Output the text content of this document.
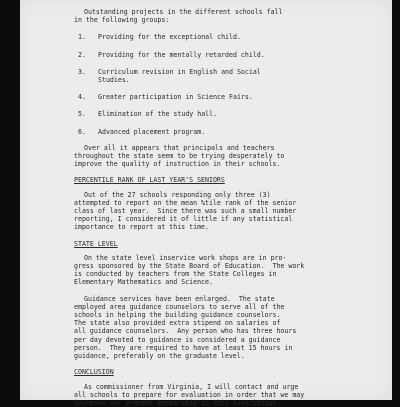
Outstanding projects in the different schools fall

in the following groups:

1. Providing for the exceptional child.
2. Providing for the mentally retarded child.
3. Curriculum revision in English and Social
Studies.
4. Greater participation in Science Fairs.
5. Elimination of the study hall.
6. Advanced placement program.

Over all it appears that principals and teachers

throughout the state seem to be trying desperately to

improve the quality of instruction in their schools.

PERCENTILE RANK OF LAST YEAR'S SENIORS

Out of the 27 schools responding only three (3)

attempted to report on the mean %tile rank of the senior

class of last year.  Since there was such a small number

reporting, I considered it of little if any statistical

importance to report at this time.

STATE LEVEL

On the state level inservice work shops are in pro-

gress sponsored by the State Board of Education.  The work

is conducted by teachers from the State Colleges in

Elementary Mathematics and Science.

Guidance services have been enlarged.  The state

employed area guidance counselors to serve all of the

schools in helping the building guidance counselors.

The state also provided extra stipend on salaries of

all guidance counselors.  Any person who has three hours

per day devoted to guidance is considered a guidance

person.  They are required to have at least 15 hours in

guidance, preferably on the graduate level.

CONCLUSION

As commissioner from Virginia, I will contact and urge

all schools to prepare for evaluation in order that we may

increase our present membership in this Association.
